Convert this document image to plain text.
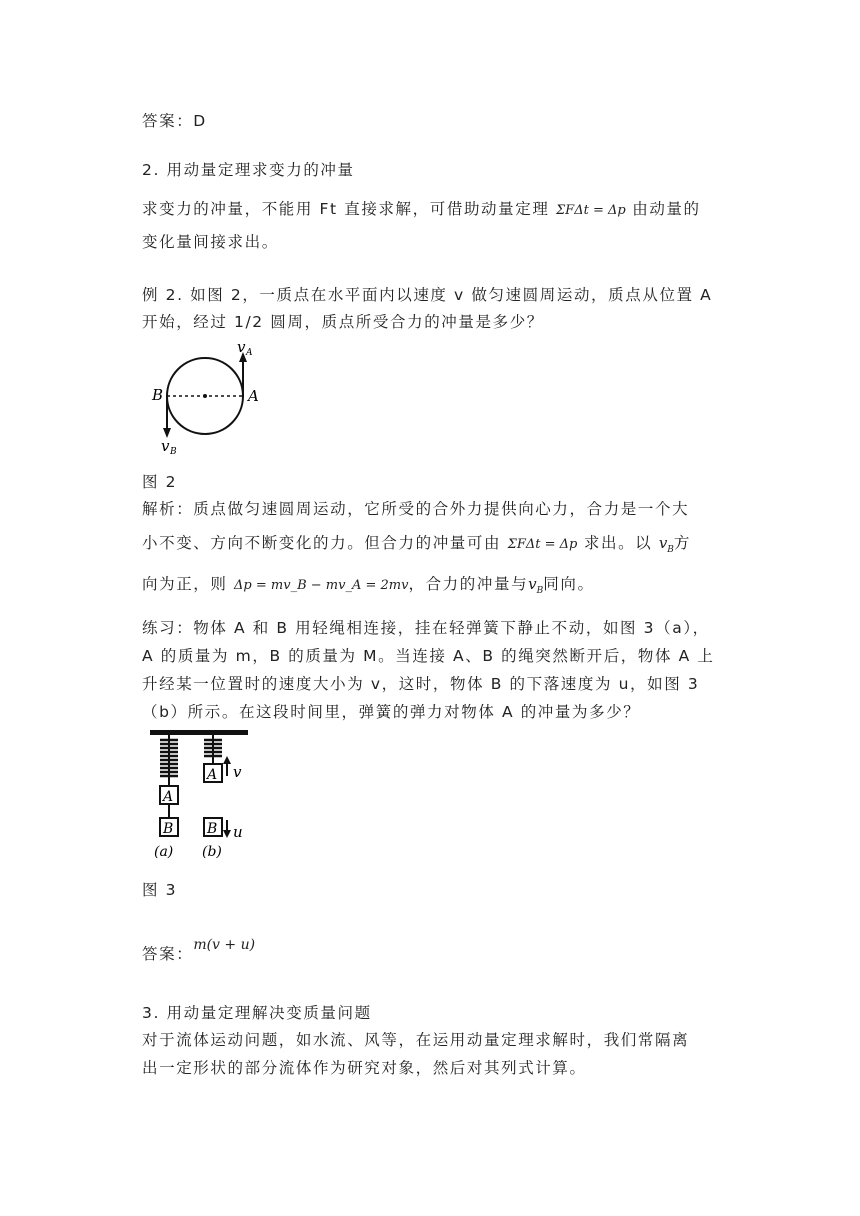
答案：D
2. 用动量定理求变力的冲量
求变力的冲量，不能用 Ft 直接求解，可借助动量定理 ΣFΔt = Δp 由动量的
变化量间接求出。
例 2. 如图 2，一质点在水平面内以速度 v 做匀速圆周运动，质点从位置 A
开始，经过 1/2 圆周，质点所受合力的冲量是多少？
v A
A
B
v B
图 2
解析：质点做匀速圆周运动，它所受的合外力提供向心力，合力是一个大
小不变、方向不断变化的力。但合力的冲量可由 ΣFΔt = Δp 求出。以 $v_B$方
向为正，则 Δp = mv_B − mv_A = 2mv，合力的冲量与$v_B$同向。
练习：物体 A 和 B 用轻绳相连接，挂在轻弹簧下静止不动，如图 3（a），
A 的质量为 m，B 的质量为 M。当连接 A、B 的绳突然断开后，物体 A 上
升经某一位置时的速度大小为 v，这时，物体 B 的下落速度为 u，如图 3
（b）所示。在这段时间里，弹簧的弹力对物体 A 的冲量为多少？
A
B
A v
B u
(a) (b)
图 3
答案：m(v + u)
3. 用动量定理解决变质量问题
对于流体运动问题，如水流、风等，在运用动量定理求解时，我们常隔离
出一定形状的部分流体作为研究对象，然后对其列式计算。
